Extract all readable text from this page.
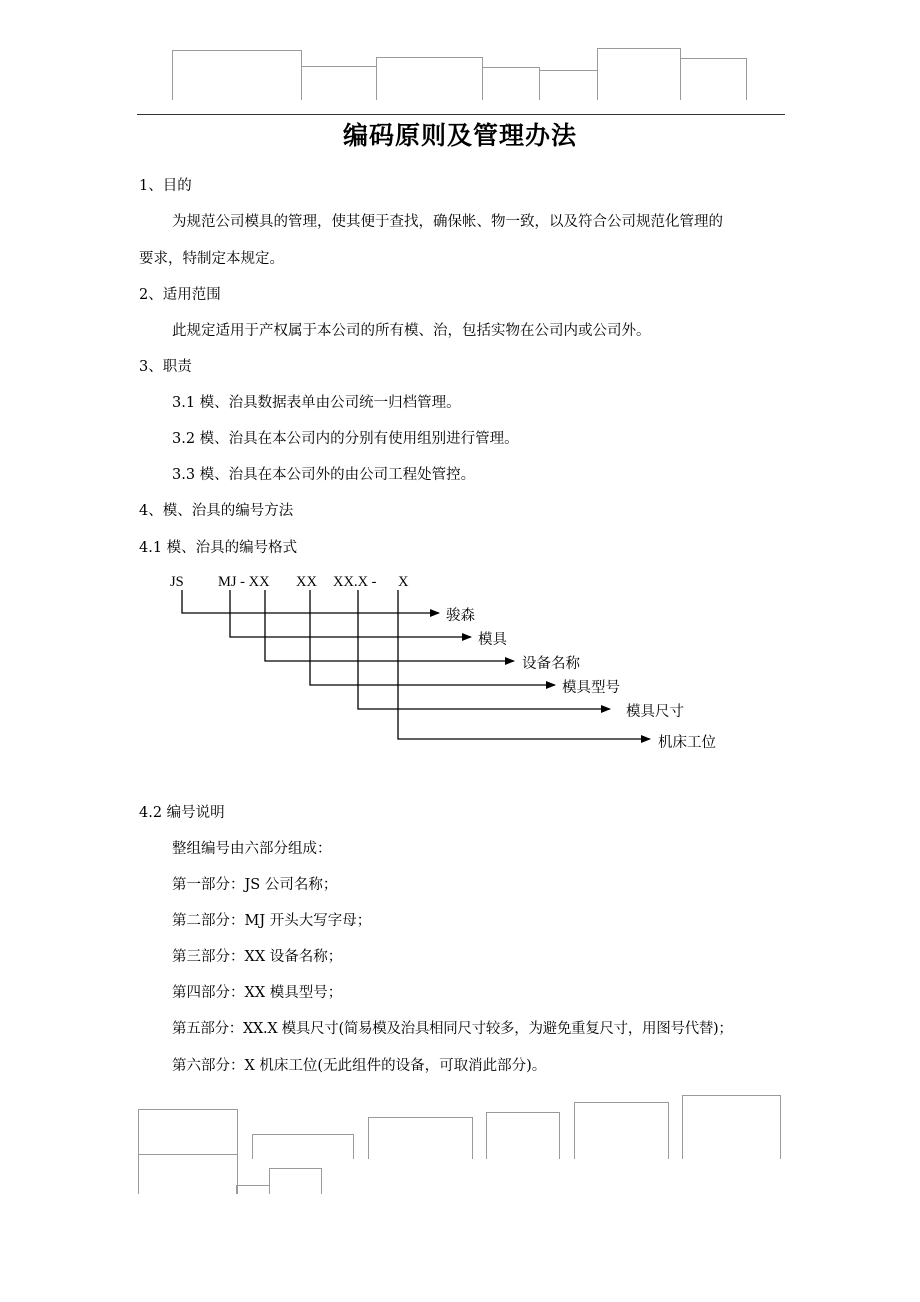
编码原则及管理办法
1、目的
为规范公司模具的管理，使其便于查找，确保帐、物一致，以及符合公司规范化管理的
要求，特制定本规定。
2、适用范围
此规定适用于产权属于本公司的所有模、治，包括实物在公司内或公司外。
3、职责
3.1 模、治具数据表单由公司统一归档管理。
3.2 模、治具在本公司内的分别有使用组别进行管理。
3.3 模、治具在本公司外的由公司工程处管控。
4、模、治具的编号方法
4.1 模、治具的编号格式
JS MJ - XX XX XX.X - X
骏森
模具
设备名称
模具型号
模具尺寸
机床工位
4.2 编号说明
整组编号由六部分组成：
第一部分：JS 公司名称；
第二部分：MJ 开头大写字母；
第三部分：XX 设备名称；
第四部分：XX 模具型号；
第五部分：XX.X 模具尺寸(简易模及治具相同尺寸较多，为避免重复尺寸，用图号代替)；
第六部分：X 机床工位(无此组件的设备，可取消此部分)。
